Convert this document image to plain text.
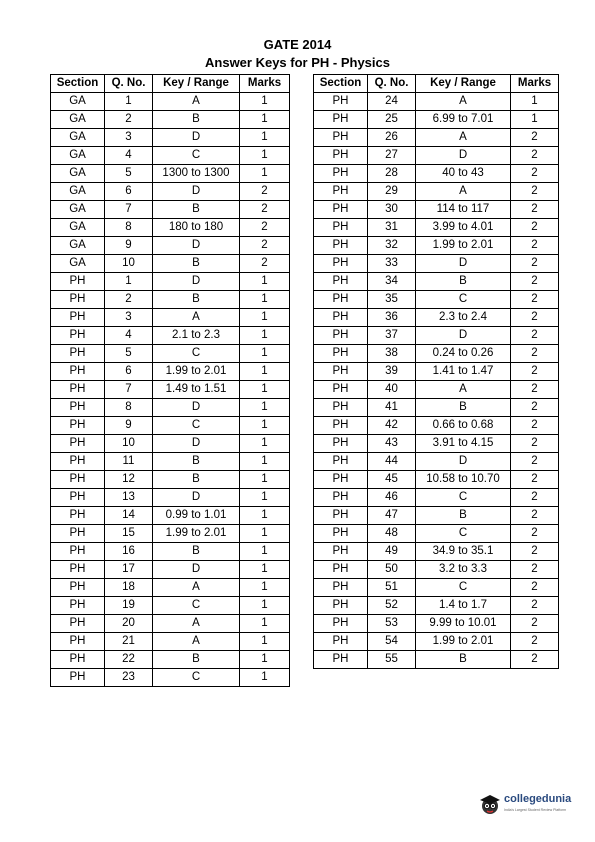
GATE 2014
Answer Keys for PH - Physics
Section	Q. No.	Key / Range	Marks
GA	1	A	1
GA	2	B	1
GA	3	D	1
GA	4	C	1
GA	5	1300 to 1300	1
GA	6	D	2
GA	7	B	2
GA	8	180 to 180	2
GA	9	D	2
GA	10	B	2
PH	1	D	1
PH	2	B	1
PH	3	A	1
PH	4	2.1 to 2.3	1
PH	5	C	1
PH	6	1.99 to 2.01	1
PH	7	1.49 to 1.51	1
PH	8	D	1
PH	9	C	1
PH	10	D	1
PH	11	B	1
PH	12	B	1
PH	13	D	1
PH	14	0.99 to 1.01	1
PH	15	1.99 to 2.01	1
PH	16	B	1
PH	17	D	1
PH	18	A	1
PH	19	C	1
PH	20	A	1
PH	21	A	1
PH	22	B	1
PH	23	C	1
Section	Q. No.	Key / Range	Marks
PH	24	A	1
PH	25	6.99 to 7.01	1
PH	26	A	2
PH	27	D	2
PH	28	40 to 43	2
PH	29	A	2
PH	30	114 to 117	2
PH	31	3.99 to 4.01	2
PH	32	1.99 to 2.01	2
PH	33	D	2
PH	34	B	2
PH	35	C	2
PH	36	2.3 to 2.4	2
PH	37	D	2
PH	38	0.24 to 0.26	2
PH	39	1.41 to 1.47	2
PH	40	A	2
PH	41	B	2
PH	42	0.66 to 0.68	2
PH	43	3.91 to 4.15	2
PH	44	D	2
PH	45	10.58 to 10.70	2
PH	46	C	2
PH	47	B	2
PH	48	C	2
PH	49	34.9 to 35.1	2
PH	50	3.2 to 3.3	2
PH	51	C	2
PH	52	1.4 to 1.7	2
PH	53	9.99 to 10.01	2
PH	54	1.99 to 2.01	2
PH	55	B	2
collegedunia
India's Largest Student Review Platform
